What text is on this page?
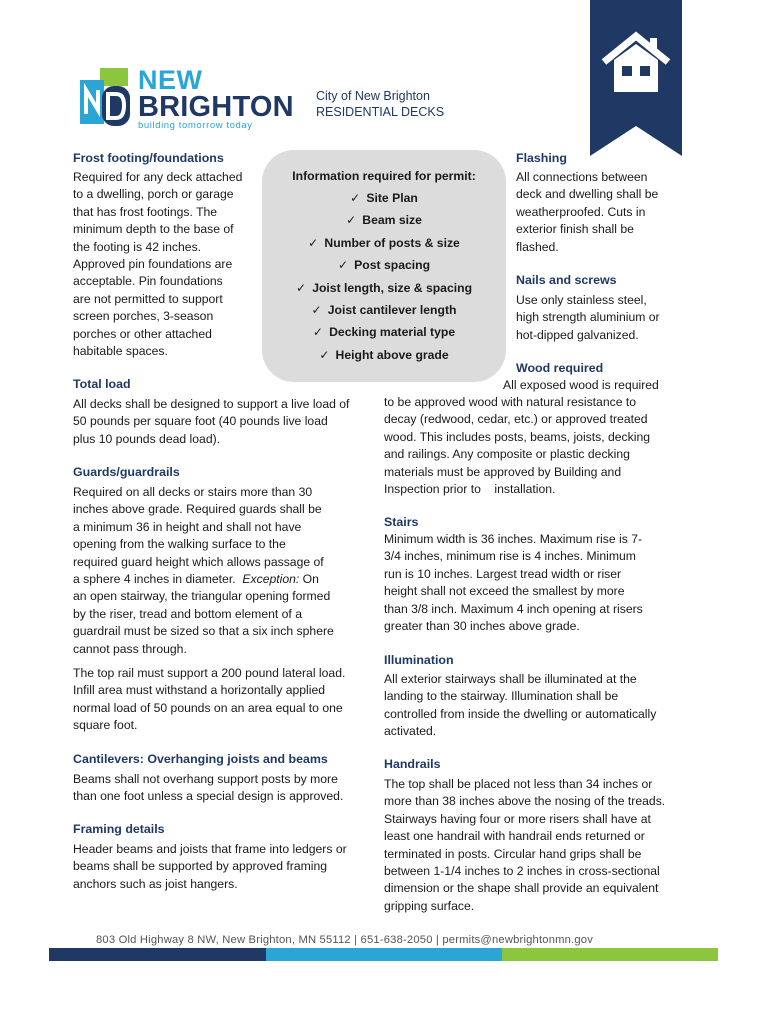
NEW
BRIGHTON
building tomorrow today
City of New Brighton
RESIDENTIAL DECKS
Information required for permit:
✓ Site Plan
✓ Beam size
✓ Number of posts & size
✓ Post spacing
✓ Joist length, size & spacing
✓ Joist cantilever length
✓ Decking material type
✓ Height above grade
Frost footing/foundations
Required for any deck attached
to a dwelling, porch or garage
that has frost footings. The
minimum depth to the base of
the footing is 42 inches.
Approved pin foundations are
acceptable. Pin foundations
are not permitted to support
screen porches, 3-season
porches or other attached
habitable spaces.
Total load
All decks shall be designed to support a live load of
50 pounds per square foot (40 pounds live load
plus 10 pounds dead load).
Guards/guardrails
Required on all decks or stairs more than 30
inches above grade. Required guards shall be
a minimum 36 in height and shall not have
opening from the walking surface to the
required guard height which allows passage of
a sphere 4 inches in diameter.  Exception: On
an open stairway, the triangular opening formed
by the riser, tread and bottom element of a
guardrail must be sized so that a six inch sphere
cannot pass through.
The top rail must support a 200 pound lateral load.
Infill area must withstand a horizontally applied
normal load of 50 pounds on an area equal to one
square foot.
Cantilevers: Overhanging joists and beams
Beams shall not overhang support posts by more
than one foot unless a special design is approved.
Framing details
Header beams and joists that frame into ledgers or
beams shall be supported by approved framing
anchors such as joist hangers.
Flashing
All connections between
deck and dwelling shall be
weatherproofed. Cuts in
exterior finish shall be
flashed.
Nails and screws
Use only stainless steel,
high strength aluminium or
hot-dipped galvanized.
Wood required
All exposed wood is required
to be approved wood with natural resistance to
decay (redwood, cedar, etc.) or approved treated
wood. This includes posts, beams, joists, decking
and railings. Any composite or plastic decking
materials must be approved by Building and
Inspection prior to    installation.
Stairs
Minimum width is 36 inches. Maximum rise is 7-
3/4 inches, minimum rise is 4 inches. Minimum
run is 10 inches. Largest tread width or riser
height shall not exceed the smallest by more
than 3/8 inch. Maximum 4 inch opening at risers
greater than 30 inches above grade.
Illumination
All exterior stairways shall be illuminated at the
landing to the stairway. Illumination shall be
controlled from inside the dwelling or automatically
activated.
Handrails
The top shall be placed not less than 34 inches or
more than 38 inches above the nosing of the treads.
Stairways having four or more risers shall have at
least one handrail with handrail ends returned or
terminated in posts. Circular hand grips shall be
between 1-1/4 inches to 2 inches in cross-sectional
dimension or the shape shall provide an equivalent
gripping surface.
803 Old Highway 8 NW, New Brighton, MN 55112 | 651-638-2050 | permits@newbrightonmn.gov
